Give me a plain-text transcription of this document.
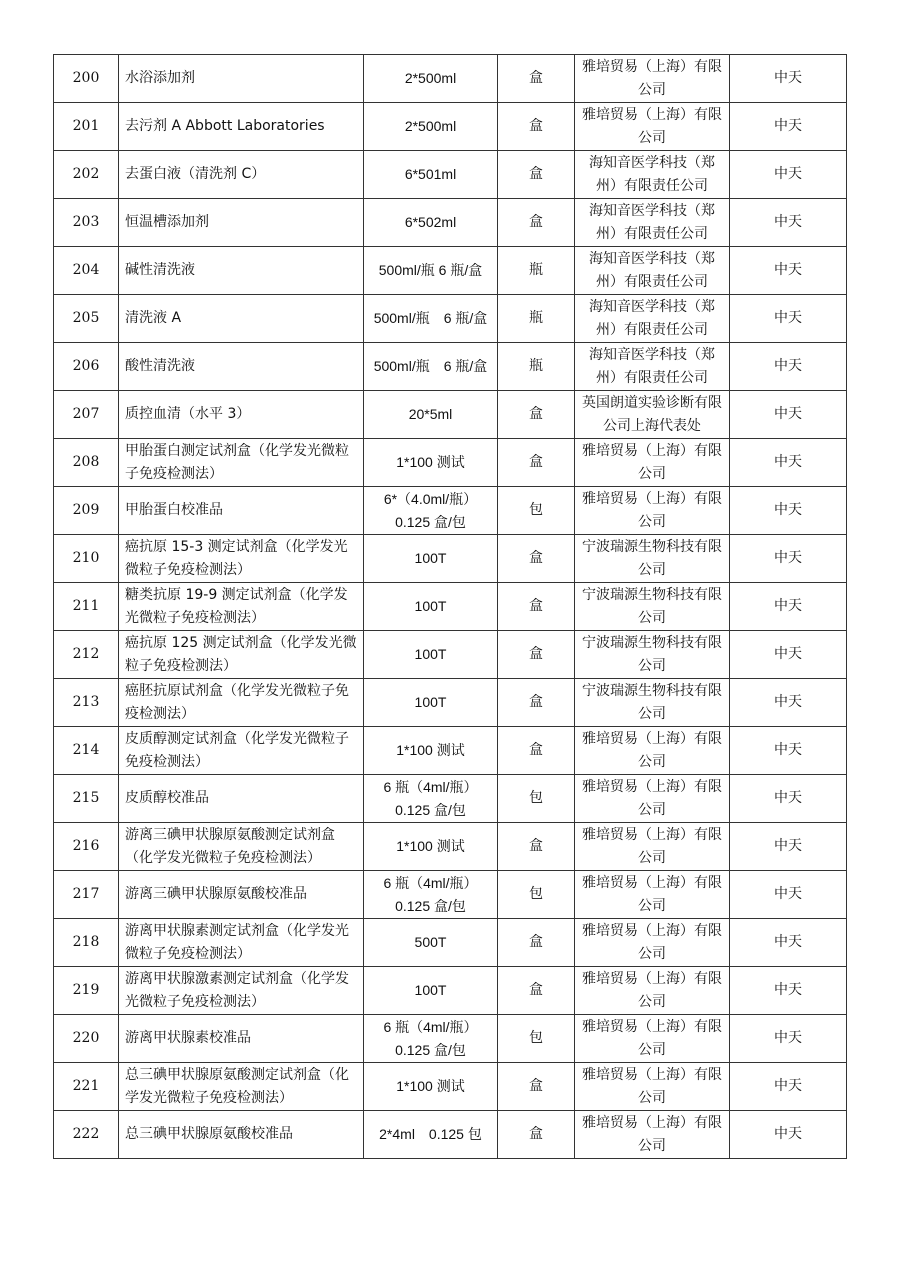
200	水浴添加剂	2*500ml	盒	雅培贸易（上海）有限公司	中天
201	去污剂 A Abbott Laboratories	2*500ml	盒	雅培贸易（上海）有限公司	中天
202	去蛋白液（清洗剂 C）	6*501ml	盒	海知音医学科技（郑州）有限责任公司	中天
203	恒温槽添加剂	6*502ml	盒	海知音医学科技（郑州）有限责任公司	中天
204	碱性清洗液	500ml/瓶 6 瓶/盒	瓶	海知音医学科技（郑州）有限责任公司	中天
205	清洗液 A	500ml/瓶　6 瓶/盒	瓶	海知音医学科技（郑州）有限责任公司	中天
206	酸性清洗液	500ml/瓶　6 瓶/盒	瓶	海知音医学科技（郑州）有限责任公司	中天
207	质控血清（水平 3）	20*5ml	盒	英国朗道实验诊断有限公司上海代表处	中天
208	甲胎蛋白测定试剂盒（化学发光微粒子免疫检测法）	1*100 测试	盒	雅培贸易（上海）有限公司	中天
209	甲胎蛋白校准品	6*（4.0ml/瓶）0.125 盒/包	包	雅培贸易（上海）有限公司	中天
210	癌抗原 15-3 测定试剂盒（化学发光微粒子免疫检测法）	100T	盒	宁波瑞源生物科技有限公司	中天
211	糖类抗原 19-9 测定试剂盒（化学发光微粒子免疫检测法）	100T	盒	宁波瑞源生物科技有限公司	中天
212	癌抗原 125 测定试剂盒（化学发光微粒子免疫检测法）	100T	盒	宁波瑞源生物科技有限公司	中天
213	癌胚抗原试剂盒（化学发光微粒子免疫检测法）	100T	盒	宁波瑞源生物科技有限公司	中天
214	皮质醇测定试剂盒（化学发光微粒子免疫检测法）	1*100 测试	盒	雅培贸易（上海）有限公司	中天
215	皮质醇校准品	6 瓶（4ml/瓶）0.125 盒/包	包	雅培贸易（上海）有限公司	中天
216	游离三碘甲状腺原氨酸测定试剂盒（化学发光微粒子免疫检测法）	1*100 测试	盒	雅培贸易（上海）有限公司	中天
217	游离三碘甲状腺原氨酸校准品	6 瓶（4ml/瓶）0.125 盒/包	包	雅培贸易（上海）有限公司	中天
218	游离甲状腺素测定试剂盒（化学发光微粒子免疫检测法）	500T	盒	雅培贸易（上海）有限公司	中天
219	游离甲状腺激素测定试剂盒（化学发光微粒子免疫检测法）	100T	盒	雅培贸易（上海）有限公司	中天
220	游离甲状腺素校准品	6 瓶（4ml/瓶）0.125 盒/包	包	雅培贸易（上海）有限公司	中天
221	总三碘甲状腺原氨酸测定试剂盒（化学发光微粒子免疫检测法）	1*100 测试	盒	雅培贸易（上海）有限公司	中天
222	总三碘甲状腺原氨酸校准品	2*4ml　0.125 包	盒	雅培贸易（上海）有限公司	中天
